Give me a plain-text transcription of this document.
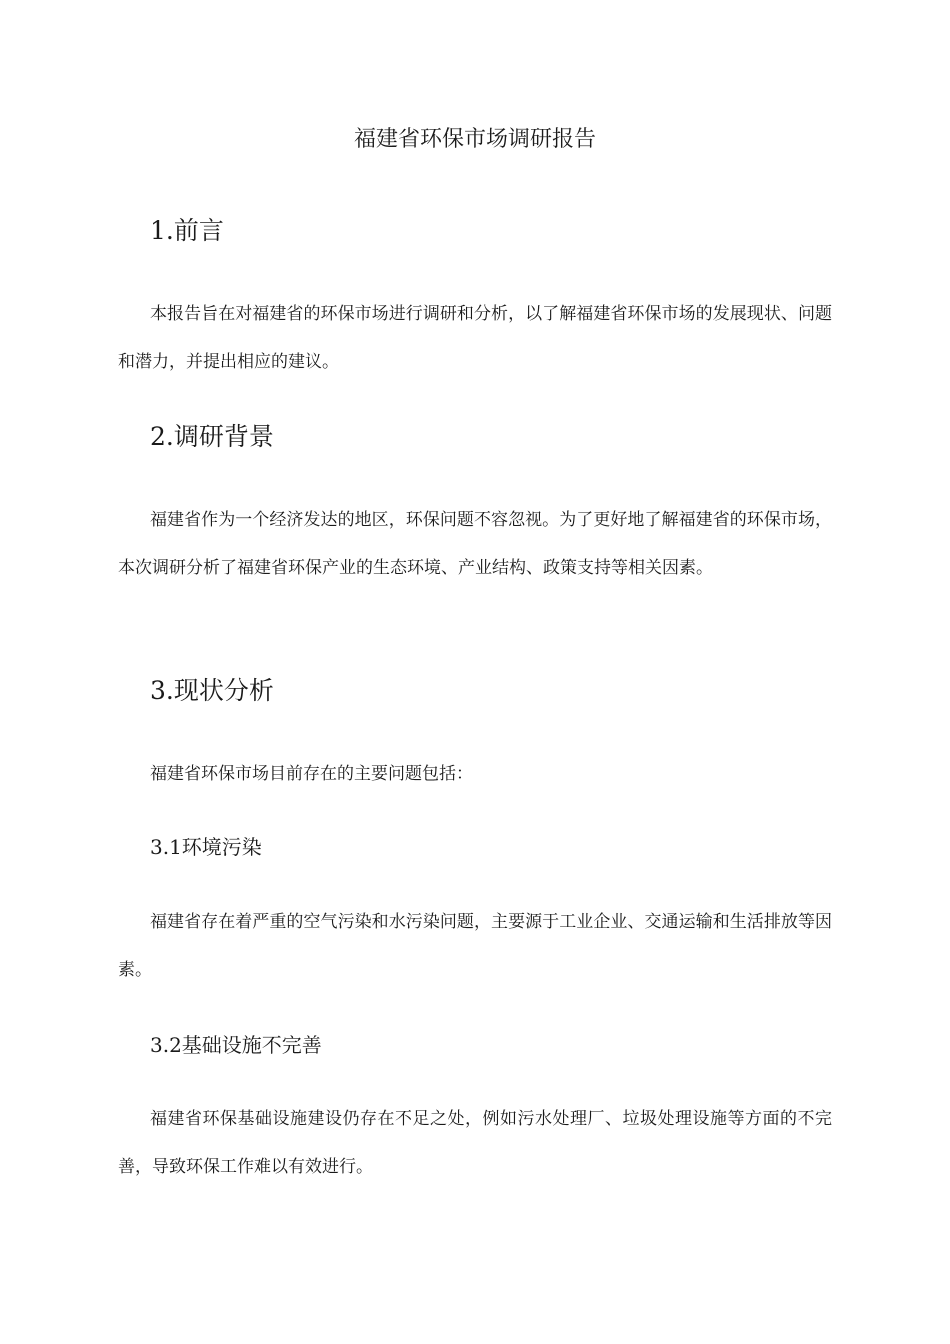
福建省环保市场调研报告
1.前言

本报告旨在对福建省的环保市场进行调研和分析，以了解福建省环保市场的发展现状、问题和潜力，并提出相应的建议。

2.调研背景

福建省作为一个经济发达的地区，环保问题不容忽视。为了更好地了解福建省的环保市场，本次调研分析了福建省环保产业的生态环境、产业结构、政策支持等相关因素。

3.现状分析

福建省环保市场目前存在的主要问题包括：

3.1环境污染

福建省存在着严重的空气污染和水污染问题，主要源于工业企业、交通运输和生活排放等因素。

3.2基础设施不完善

福建省环保基础设施建设仍存在不足之处，例如污水处理厂、垃圾处理设施等方面的不完善，导致环保工作难以有效进行。
